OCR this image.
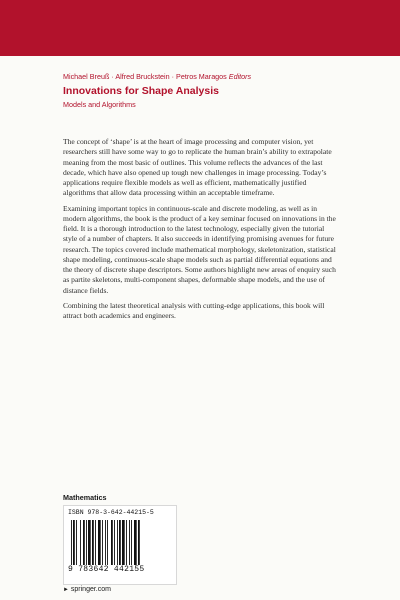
Michael Breuß · Alfred Bruckstein · Petros Maragos Editors
Innovations for Shape Analysis
Models and Algorithms

The concept of ‘shape’ is at the heart of image processing and computer vision, yet researchers still have some way to go to replicate the human brain’s ability to extrapolate meaning from the most basic of outlines. This volume reflects the advances of the last decade, which have also opened up tough new challenges in image processing. Today’s applications require flexible models as well as efficient, mathematically justified algorithms that allow data processing within an acceptable timeframe.

Examining important topics in continuous-scale and discrete modeling, as well as in modern algorithms, the book is the product of a key seminar focused on innovations in the field. It is a thorough introduction to the latest technology, especially given the tutorial style of a number of chapters. It also succeeds in identifying promising avenues for future research. The topics covered include mathematical morphology, skeletonization, statistical shape modeling, continuous-scale shape models such as partial differential equations and the theory of discrete shape descriptors. Some authors highlight new areas of enquiry such as partite skeletons, multi-component shapes, deformable shape models, and the use of distance fields.

Combining the latest theoretical analysis with cutting-edge applications, this book will attract both academics and engineers.

Mathematics
ISBN 978-3-642-44215-5
9 783642 442155
► springer.com
